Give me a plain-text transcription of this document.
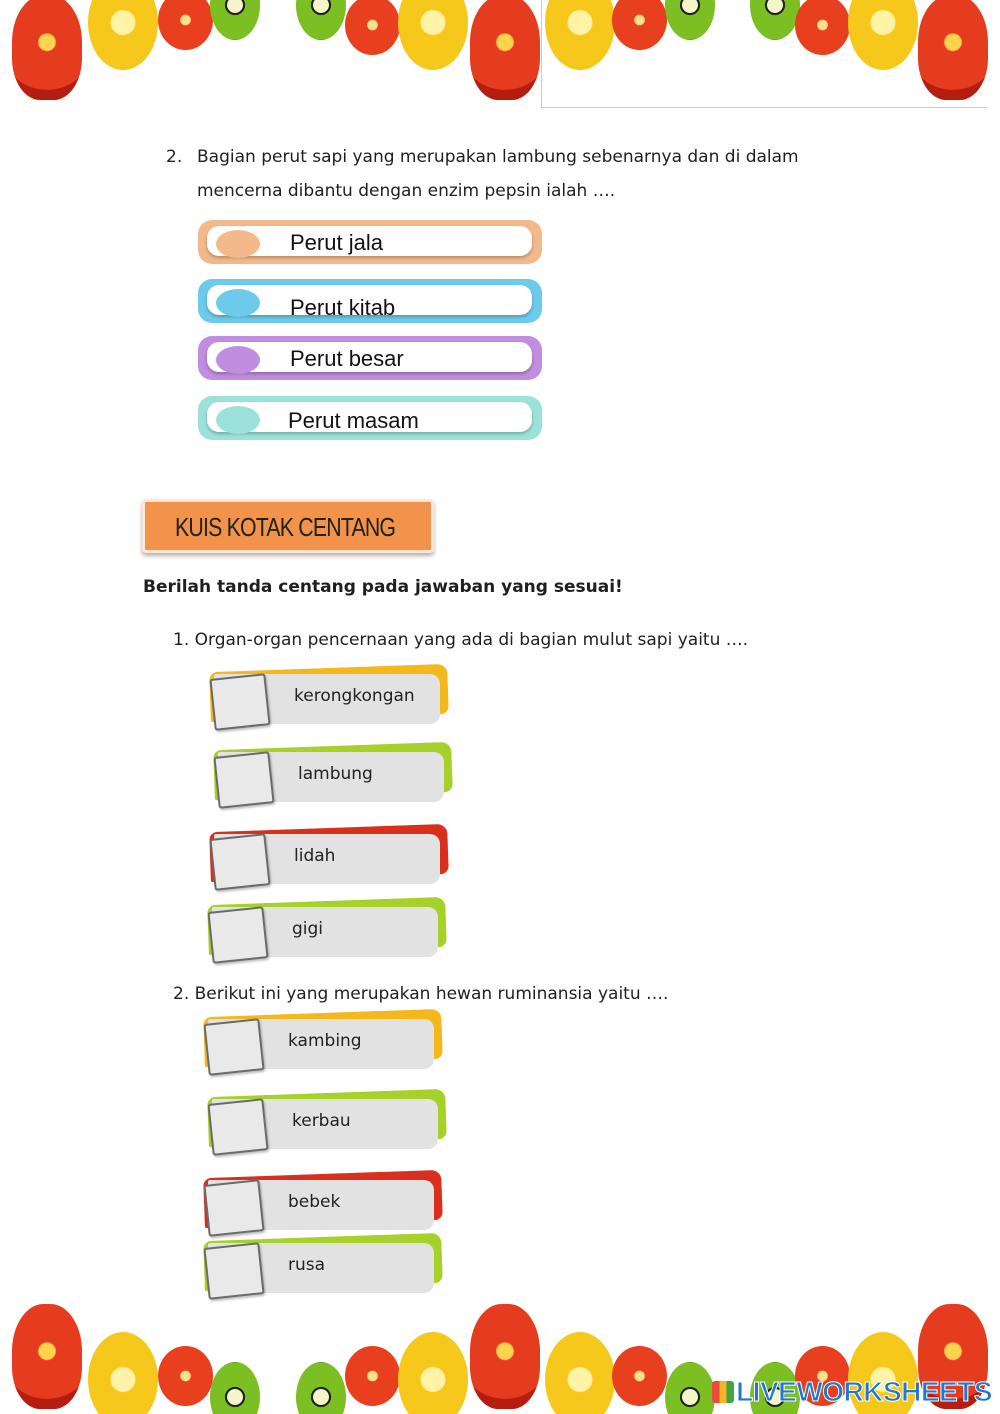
2. Bagian perut sapi yang merupakan lambung sebenarnya dan di dalam mencerna dibantu dengan enzim pepsin ialah ….
Perut jala
Perut kitab
Perut besar
Perut masam
KUIS KOTAK CENTANG
Berilah tanda centang pada jawaban yang sesuai!
1. Organ-organ pencernaan yang ada di bagian mulut sapi yaitu ….
kerongkongan
lambung
lidah
gigi
2. Berikut ini yang merupakan hewan ruminansia yaitu ….
kambing
kerbau
bebek
rusa
LIVEWORKSHEETS
